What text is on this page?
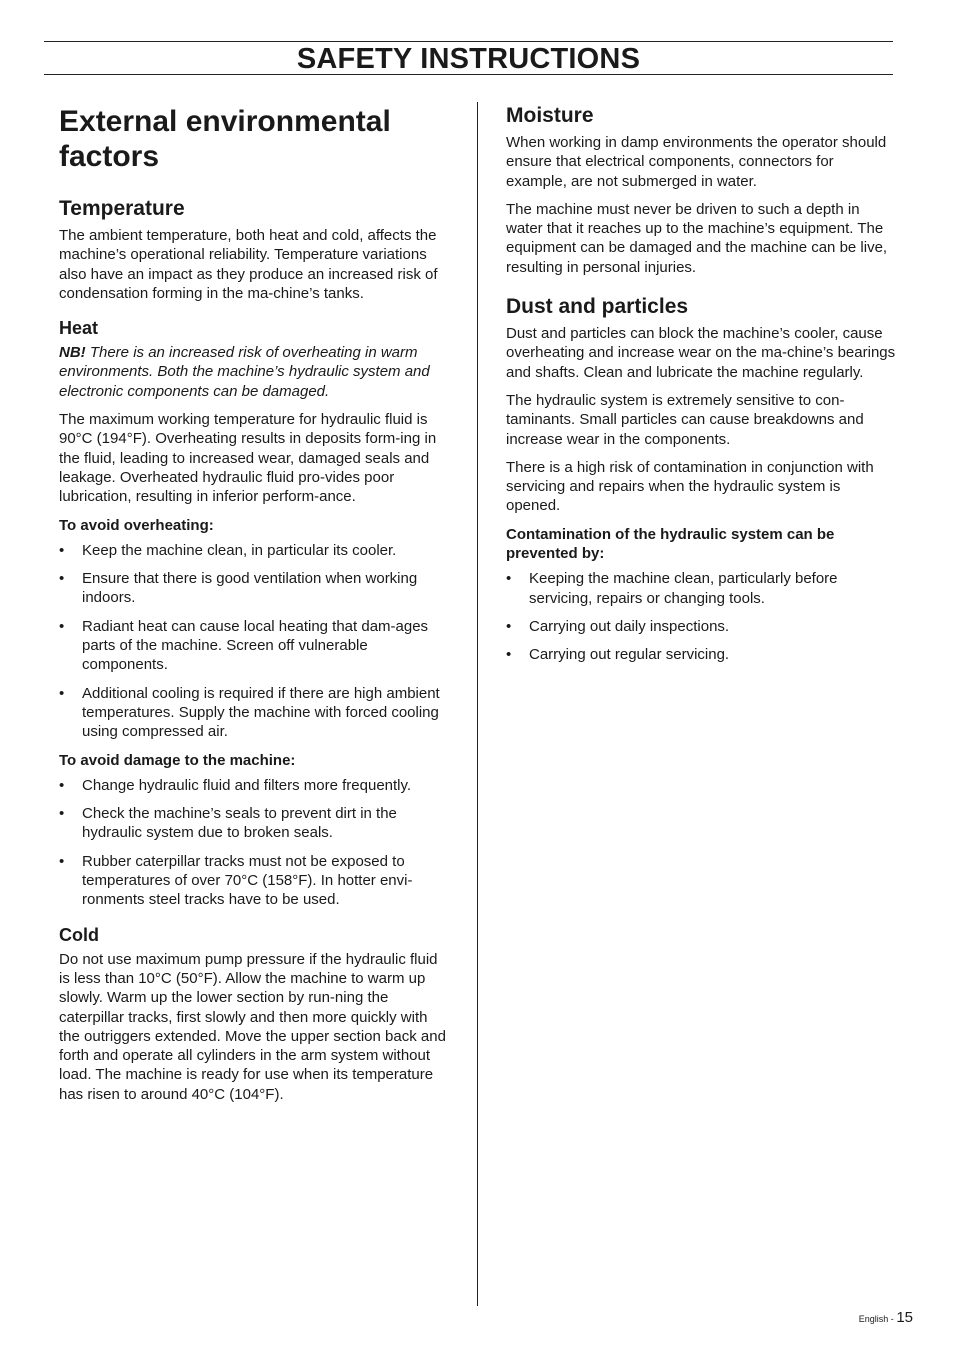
SAFETY INSTRUCTIONS
External environmental factors
Temperature

The ambient temperature, both heat and cold, affects the machine’s operational reliability. Temperature variations also have an impact as they produce an increased risk of condensation forming in the ma-chine’s tanks.

Heat

NB! There is an increased risk of overheating in warm environments. Both the machine’s hydraulic system and electronic components can be damaged.

The maximum working temperature for hydraulic fluid is 90°C (194°F). Overheating results in deposits form-ing in the fluid, leading to increased wear, damaged seals and leakage. Overheated hydraulic fluid pro-vides poor lubrication, resulting in inferior perform-ance.

To avoid overheating:

• Keep the machine clean, in particular its cooler.
• Ensure that there is good ventilation when working indoors.
• Radiant heat can cause local heating that dam-ages parts of the machine. Screen off vulnerable components.
• Additional cooling is required if there are high ambient temperatures. Supply the machine with forced cooling using compressed air.

To avoid damage to the machine:

• Change hydraulic fluid and filters more frequently.
• Check the machine’s seals to prevent dirt in the hydraulic system due to broken seals.
• Rubber caterpillar tracks must not be exposed to temperatures of over 70°C (158°F). In hotter envi-ronments steel tracks have to be used.
Cold

Do not use maximum pump pressure if the hydraulic fluid is less than 10°C (50°F). Allow the machine to warm up slowly. Warm up the lower section by run-ning the caterpillar tracks, first slowly and then more quickly with the outriggers extended. Move the upper section back and forth and operate all cylinders in the arm system without load. The machine is ready for use when its temperature has risen to around 40°C (104°F).

Moisture

When working in damp environments the operator should ensure that electrical components, connectors for example, are not submerged in water.

The machine must never be driven to such a depth in water that it reaches up to the machine’s equipment. The equipment can be damaged and the machine can be live, resulting in personal injuries.

Dust and particles

Dust and particles can block the machine’s cooler, cause overheating and increase wear on the ma-chine’s bearings and shafts. Clean and lubricate the machine regularly.

The hydraulic system is extremely sensitive to con-taminants. Small particles can cause breakdowns and increase wear in the components.

There is a high risk of contamination in conjunction with servicing and repairs when the hydraulic system is opened.

Contamination of the hydraulic system can be prevented by:

• Keeping the machine clean, particularly before servicing, repairs or changing tools.
• Carrying out daily inspections.
• Carrying out regular servicing.
English - 15
